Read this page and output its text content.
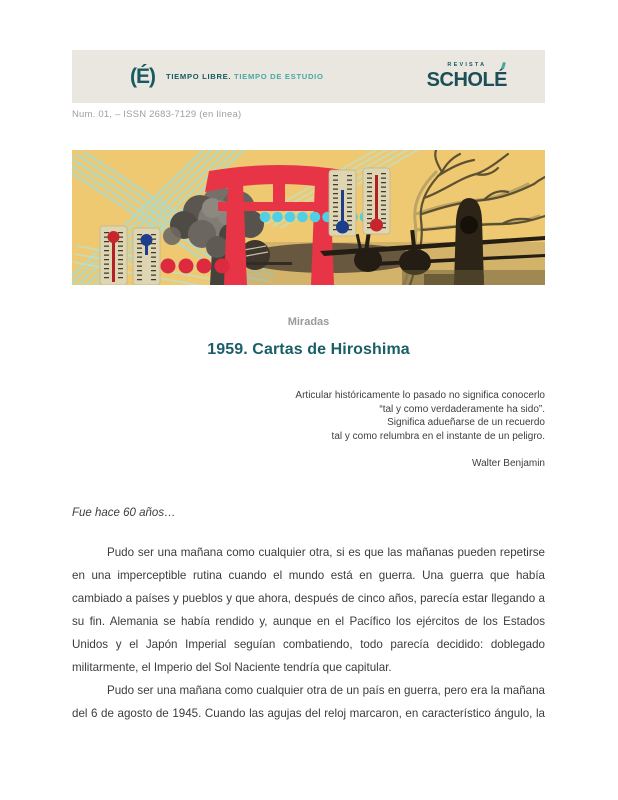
(É) TIEMPO LIBRE. TIEMPO DE ESTUDIO
REVISTA
SCHOLÉ
Num. 01, – ISSN 2683-7129 (en línea)
Miradas
1959. Cartas de Hiroshima
Articular históricamente lo pasado no significa conocerlo
“tal y como verdaderamente ha sido”.
Significa adueñarse de un recuerdo
tal y como relumbra en el instante de un peligro.
Walter Benjamin

Fue hace 60 años…

Pudo ser una mañana como cualquier otra, si es que las mañanas pueden repetirse en una imperceptible rutina cuando el mundo está en guerra. Una guerra que había cambiado a países y pueblos y que ahora, después de cinco años, parecía estar llegando a su fin. Alemania se había rendido y, aunque en el Pacífico los ejércitos de los Estados Unidos y el Japón Imperial seguían combatiendo, todo parecía decidido: doblegado militarmente, el Imperio del Sol Naciente tendría que capitular.

Pudo ser una mañana como cualquier otra de un país en guerra, pero era la mañana del 6 de agosto de 1945. Cuando las agujas del reloj marcaron, en característico ángulo, la
